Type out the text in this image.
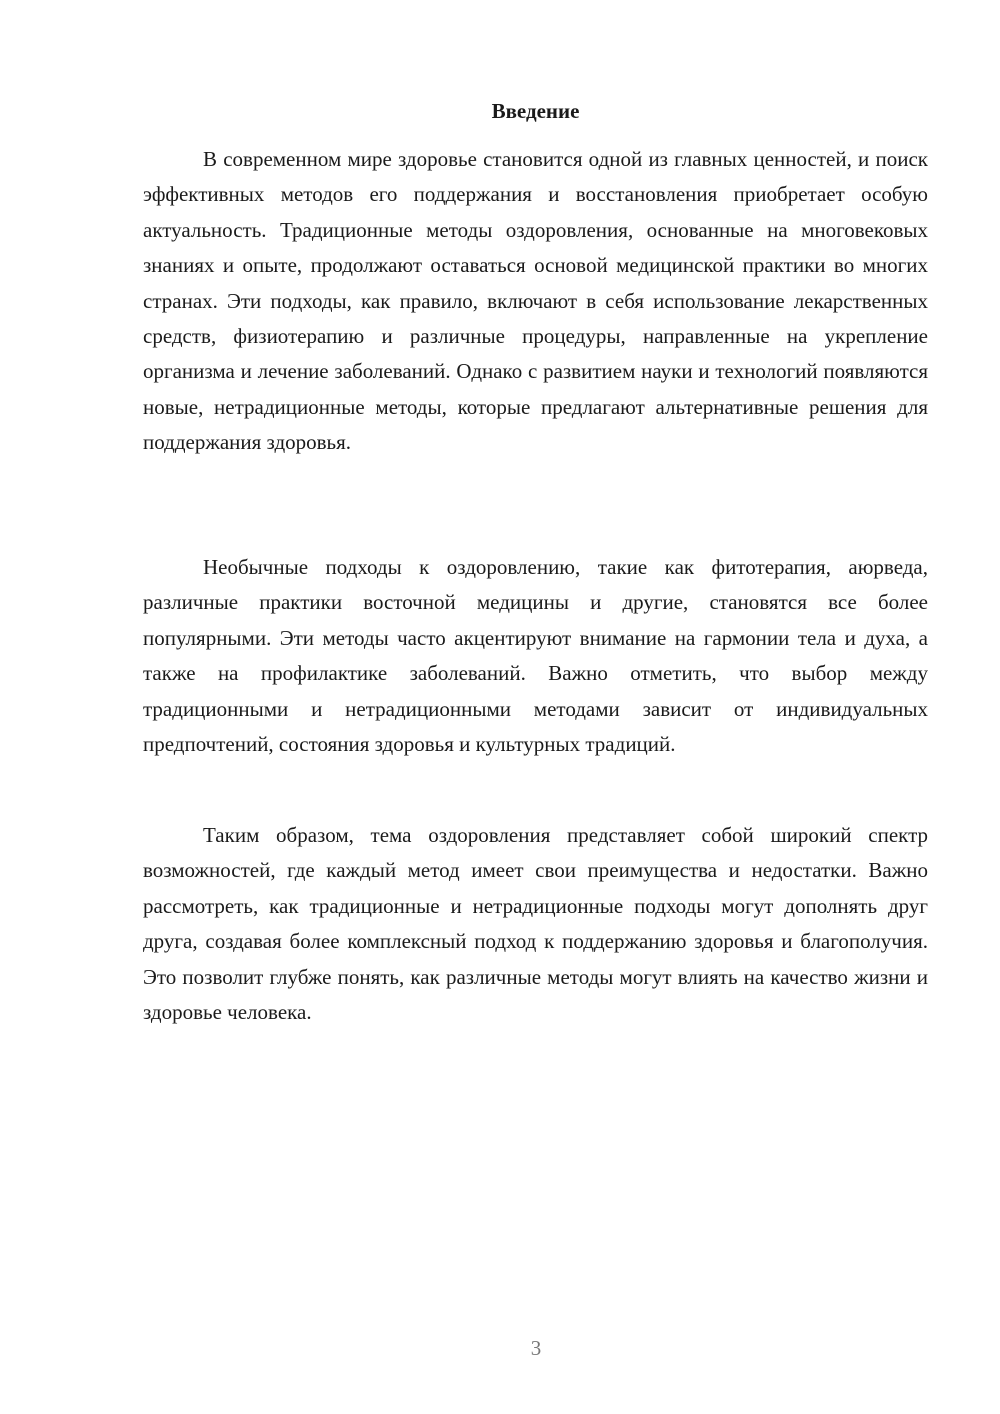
Введение

В современном мире здоровье становится одной из главных ценностей, и поиск эффективных методов его поддержания и восстановления приобретает особую актуальность. Традиционные методы оздоровления, основанные на многовековых знаниях и опыте, продолжают оставаться основой медицинской практики во многих странах. Эти подходы, как правило, включают в себя использование лекарственных средств, физиотерапию и различные процедуры, направленные на укрепление организма и лечение заболеваний. Однако с развитием науки и технологий появляются новые, нетрадиционные методы, которые предлагают альтернативные решения для поддержания здоровья.

Необычные подходы к оздоровлению, такие как фитотерапия, аюрведа, различные практики восточной медицины и другие, становятся все более популярными. Эти методы часто акцентируют внимание на гармонии тела и духа, а также на профилактике заболеваний. Важно отметить, что выбор между традиционными и нетрадиционными методами зависит от индивидуальных предпочтений, состояния здоровья и культурных традиций.

Таким образом, тема оздоровления представляет собой широкий спектр возможностей, где каждый метод имеет свои преимущества и недостатки. Важно рассмотреть, как традиционные и нетрадиционные подходы могут дополнять друг друга, создавая более комплексный подход к поддержанию здоровья и благополучия. Это позволит глубже понять, как различные методы могут влиять на качество жизни и здоровье человека.

3
